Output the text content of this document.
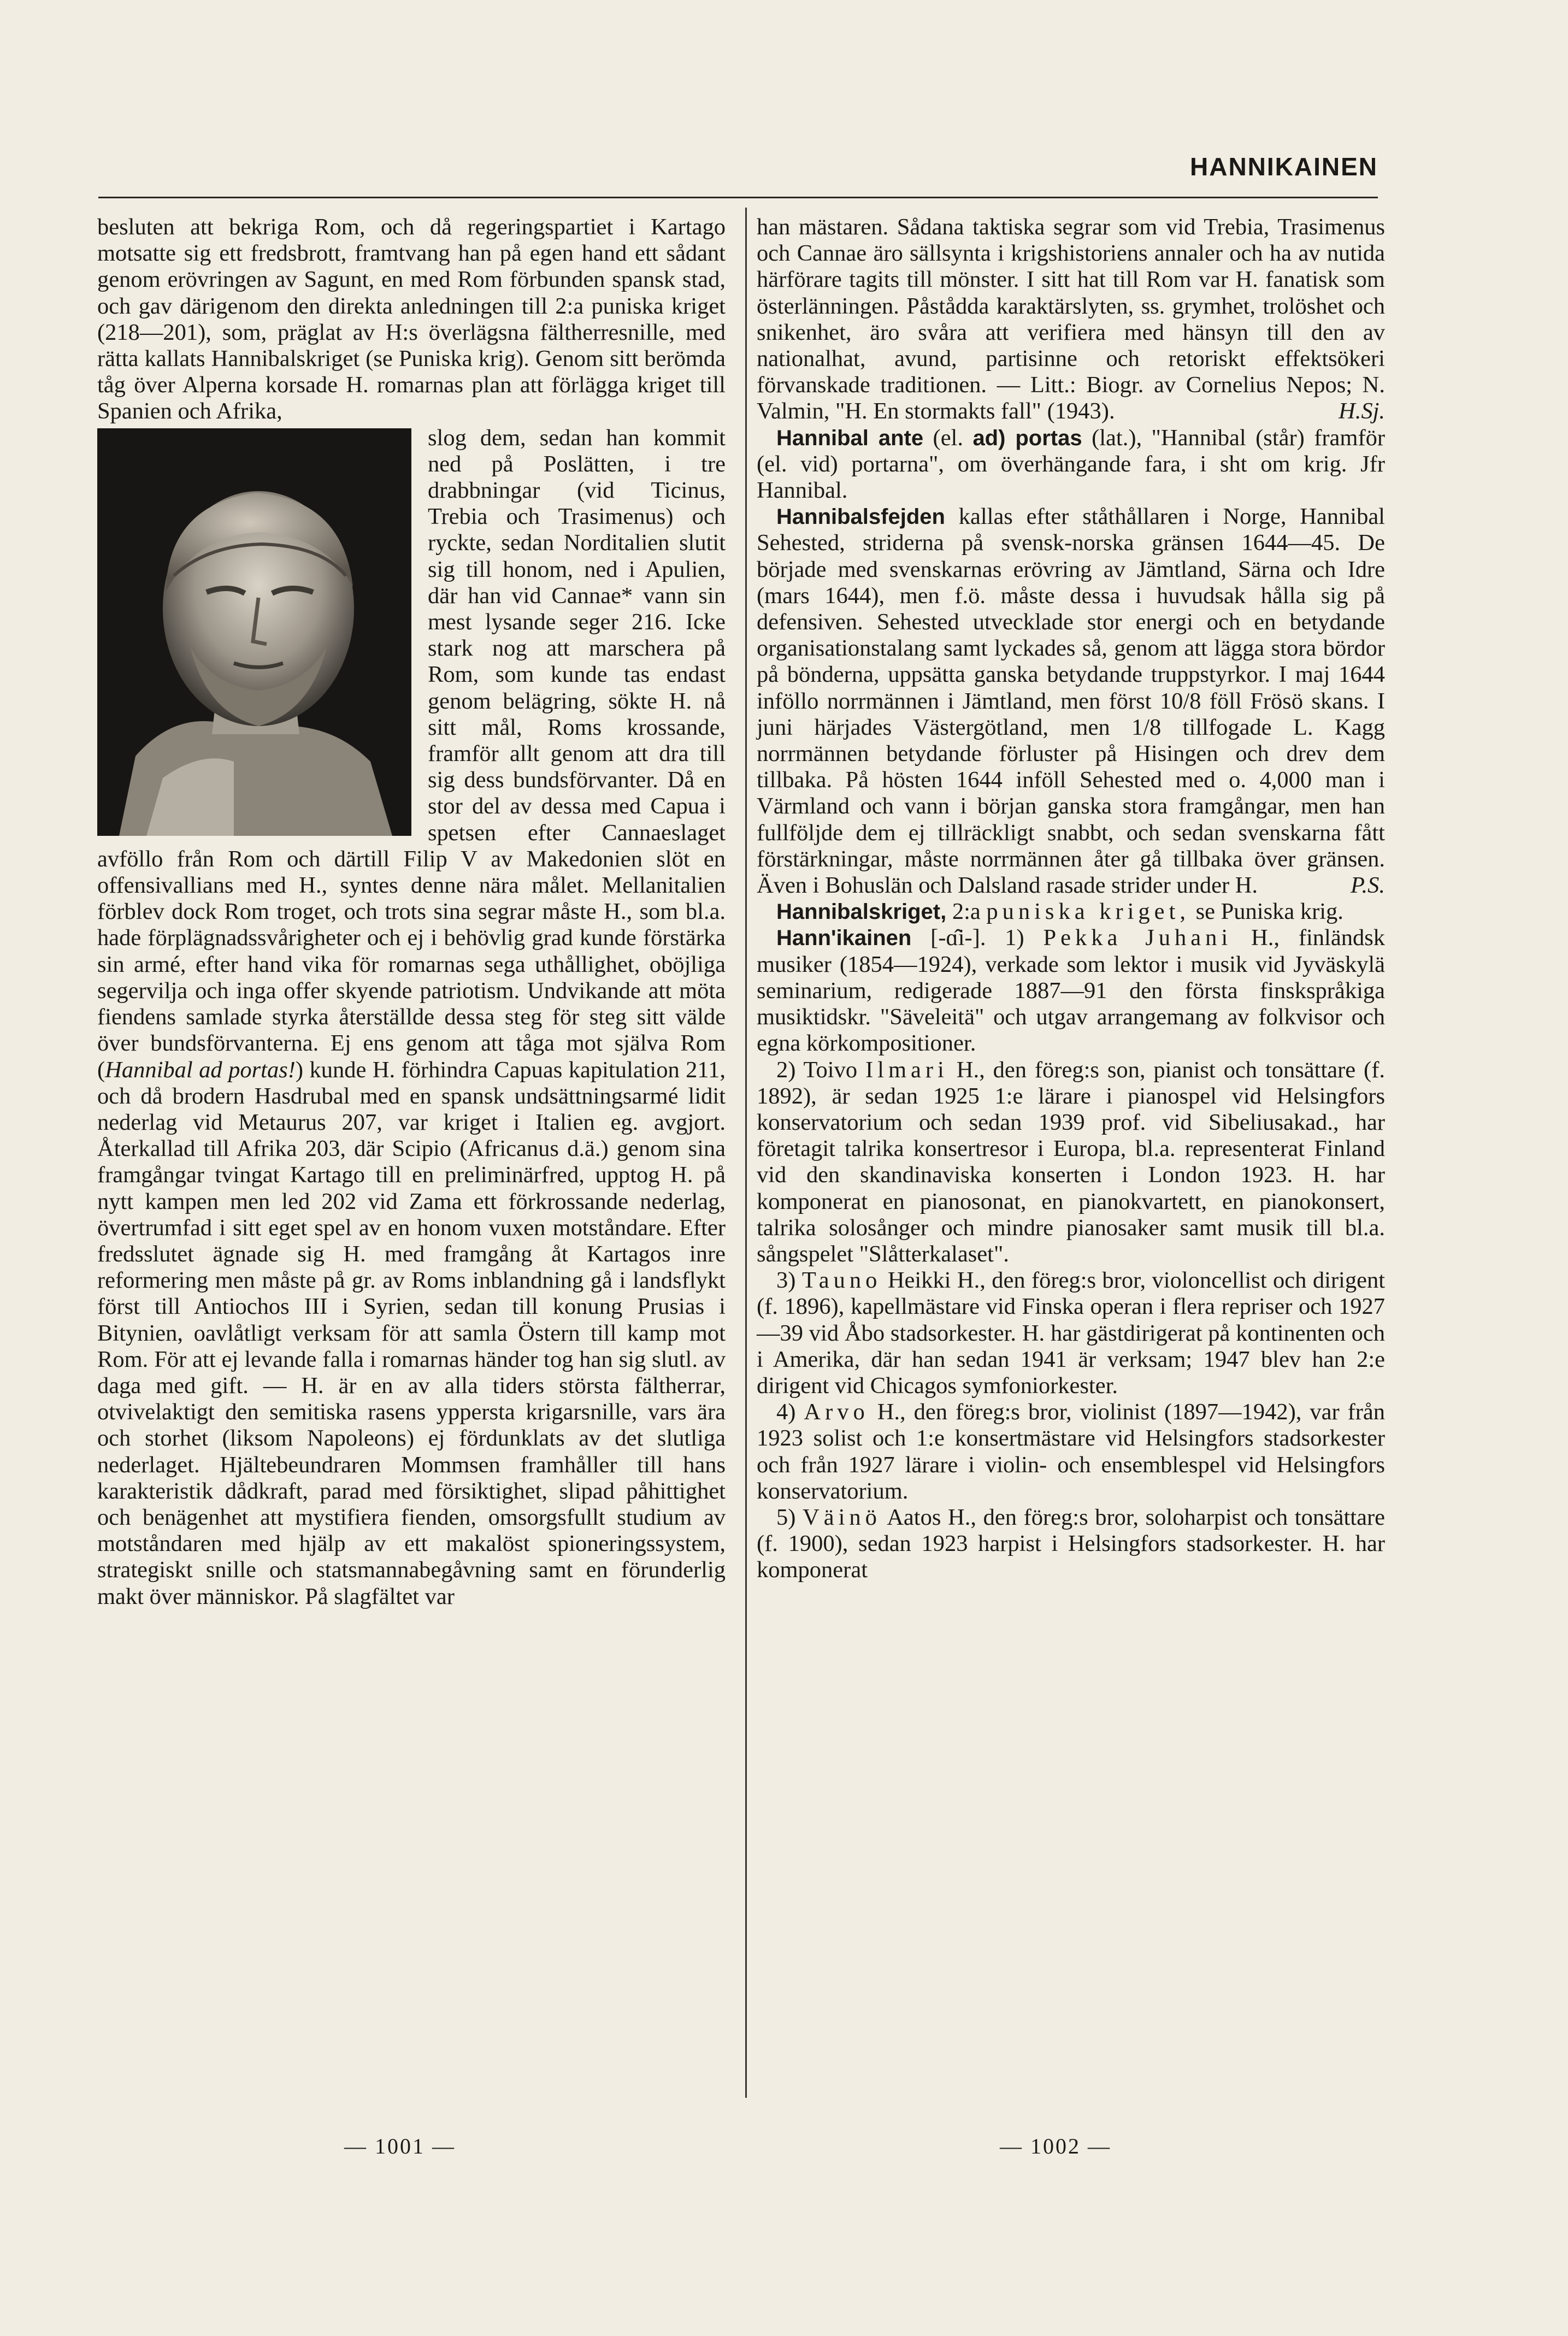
HANNIKAINEN

besluten att bekriga Rom, och då regeringspartiet i Kartago motsatte sig ett fredsbrott, framtvang han på egen hand ett sådant genom erövringen av Sagunt, en med Rom förbunden spansk stad, och gav därigenom den direkta anledningen till 2:a puniska kriget (218—201), som, präglat av H:s överlägsna fältherresnille, med rätta kallats Hannibalskriget (se Puniska krig). Genom sitt berömda tåg över Alperna korsade H. romarnas plan att förlägga kriget till Spanien och Afrika,

slog dem, sedan han kommit ned på Poslätten, i tre drabbningar (vid Ticinus, Trebia och Trasimenus) och ryckte, sedan Norditalien slutit sig till honom, ned i Apulien, där han vid Cannae* vann sin mest lysande seger 216. Icke stark nog att marschera på Rom, som kunde tas endast genom belägring, sökte H. nå sitt mål, Roms krossande, framför allt genom att dra till sig dess bundsförvanter. Då en stor del av dessa med Capua i spetsen efter Cannaeslaget avföllo från Rom och därtill Filip V av Makedonien slöt en offensivallians med H., syntes denne nära målet. Mellanitalien förblev dock Rom troget, och trots sina segrar måste H., som bl.a. hade förplägnadssvårigheter och ej i behövlig grad kunde förstärka sin armé, efter hand vika för romarnas sega uthållighet, oböjliga segervilja och inga offer skyende patriotism. Undvikande att möta fiendens samlade styrka återställde dessa steg för steg sitt välde över bundsförvanterna. Ej ens genom att tåga mot själva Rom (Hannibal ad portas!) kunde H. förhindra Capuas kapitulation 211, och då brodern Hasdrubal med en spansk undsättningsarmé lidit nederlag vid Metaurus 207, var kriget i Italien eg. avgjort. Återkallad till Afrika 203, där Scipio (Africanus d.ä.) genom sina framgångar tvingat Kartago till en preliminärfred, upptog H. på nytt kampen men led 202 vid Zama ett förkrossande nederlag, övertrumfad i sitt eget spel av en honom vuxen motståndare. Efter fredsslutet ägnade sig H. med framgång åt Kartagos inre reformering men måste på gr. av Roms inblandning gå i landsflykt först till Antiochos III i Syrien, sedan till konung Prusias i Bitynien, oavlåtligt verksam för att samla Östern till kamp mot Rom. För att ej levande falla i romarnas händer tog han sig slutl. av daga med gift. — H. är en av alla tiders största fältherrar, otvivelaktigt den semitiska rasens yppersta krigarsnille, vars ära och storhet (liksom Napoleons) ej fördunklats av det slutliga nederlaget. Hjältebeundraren Mommsen framhåller till hans karakteristik dådkraft, parad med försiktighet, slipad påhittighet och benägenhet att mystifiera fienden, omsorgsfullt studium av motståndaren med hjälp av ett makalöst spioneringssystem, strategiskt snille och statsmannabegåvning samt en förunderlig makt över människor. På slagfältet var

han mästaren. Sådana taktiska segrar som vid Trebia, Trasimenus och Cannae äro sällsynta i krigshistoriens annaler och ha av nutida härförare tagits till mönster. I sitt hat till Rom var H. fanatisk som österlänningen. Påstådda karaktärslyten, ss. grymhet, trolöshet och snikenhet, äro svåra att verifiera med hänsyn till den av nationalhat, avund, partisinne och retoriskt effektsökeri förvanskade traditionen. — Litt.: Biogr. av Cornelius Nepos; N. Valmin, "H. En stormakts fall" (1943).	H.Sj.

Hannibal ante (el. ad) portas (lat.), "Hannibal (står) framför (el. vid) portarna", om överhängande fara, i sht om krig. Jfr Hannibal.

Hannibalsfejden kallas efter ståthållaren i Norge, Hannibal Sehested, striderna på svensk-norska gränsen 1644—45. De började med svenskarnas erövring av Jämtland, Särna och Idre (mars 1644), men f.ö. måste dessa i huvudsak hålla sig på defensiven. Sehested utvecklade stor energi och en betydande organisationstalang samt lyckades så, genom att lägga stora bördor på bönderna, uppsätta ganska betydande truppstyrkor. I maj 1644 inföllo norrmännen i Jämtland, men först 10/8 föll Frösö skans. I juni härjades Västergötland, men 1/8 tillfogade L. Kagg norrmännen betydande förluster på Hisingen och drev dem tillbaka. På hösten 1644 inföll Sehested med o. 4,000 man i Värmland och vann i början ganska stora framgångar, men han fullföljde dem ej tillräckligt snabbt, och sedan svenskarna fått förstärkningar, måste norrmännen åter gå tillbaka över gränsen. Även i Bohuslän och Dalsland rasade strider under H.	P.S.

Hannibalskriget, 2:a puniska kriget, se Puniska krig.

Hann'ikainen [-ɑ̂i-]. 1) Pekka Juhani H., finländsk musiker (1854—1924), verkade som lektor i musik vid Jyväskylä seminarium, redigerade 1887—91 den första finskspråkiga musiktidskr. "Säveleitä" och utgav arrangemang av folkvisor och egna körkompositioner.

2) Toivo Ilmari H., den föreg:s son, pianist och tonsättare (f. 1892), är sedan 1925 1:e lärare i pianospel vid Helsingfors konservatorium och sedan 1939 prof. vid Sibeliusakad., har företagit talrika konsertresor i Europa, bl.a. representerat Finland vid den skandinaviska konserten i London 1923. H. har komponerat en pianosonat, en pianokvartett, en pianokonsert, talrika solosånger och mindre pianosaker samt musik till bl.a. sångspelet "Slåtterkalaset".

3) Tauno Heikki H., den föreg:s bror, violoncellist och dirigent (f. 1896), kapellmästare vid Finska operan i flera repriser och 1927—39 vid Åbo stadsorkester. H. har gästdirigerat på kontinenten och i Amerika, där han sedan 1941 är verksam; 1947 blev han 2:e dirigent vid Chicagos symfoniorkester.

4) Arvo H., den föreg:s bror, violinist (1897—1942), var från 1923 solist och 1:e konsertmästare vid Helsingfors stadsorkester och från 1927 lärare i violin- och ensemblespel vid Helsingfors konservatorium.

5) Väinö Aatos H., den föreg:s bror, soloharpist och tonsättare (f. 1900), sedan 1923 harpist i Helsingfors stadsorkester. H. har komponerat

— 1001 —	— 1002 —
